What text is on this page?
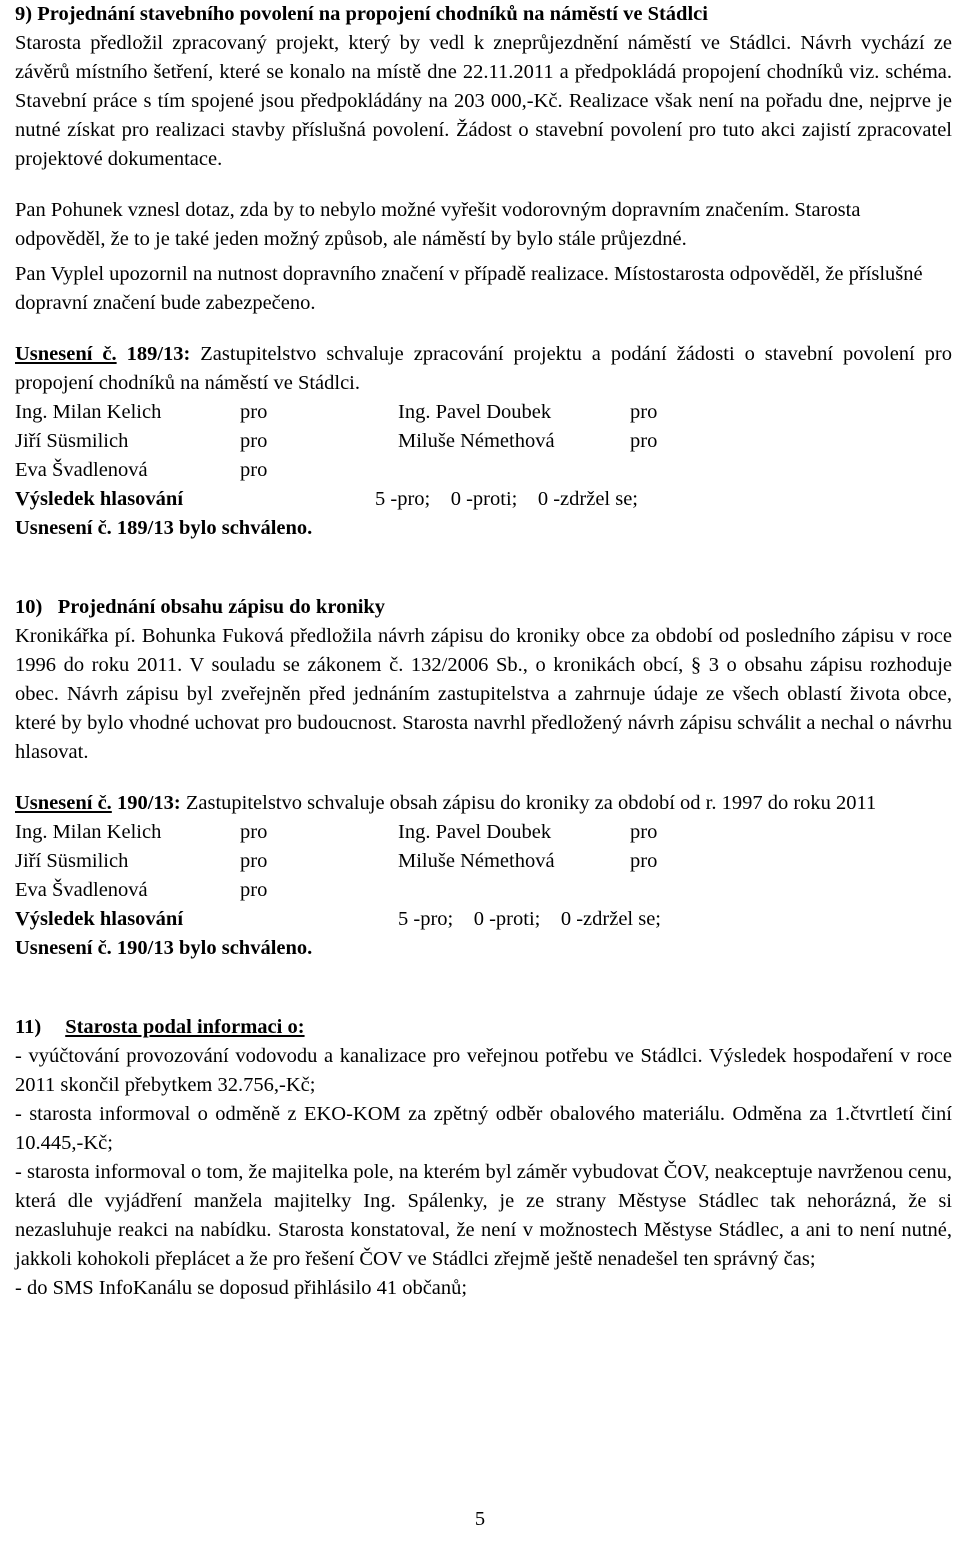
9) Projednání stavebního povolení na propojení chodníků na náměstí ve Stádlci

Starosta předložil zpracovaný projekt, který by vedl k zneprůjezdnění náměstí ve Stádlci. Návrh vychází ze závěrů místního šetření, které se konalo na místě dne 22.11.2011 a předpokládá propojení chodníků viz. schéma. Stavební práce s tím spojené jsou předpokládány na 203 000,-Kč. Realizace však není na pořadu dne, nejprve je nutné získat pro realizaci stavby příslušná povolení. Žádost o stavební povolení pro tuto akci zajistí zpracovatel projektové dokumentace.

Pan Pohunek vznesl dotaz, zda by to nebylo možné vyřešit vodorovným dopravním značením. Starosta odpověděl, že to je také jeden možný způsob, ale náměstí by bylo stále průjezdné.

Pan Vyplel upozornil na nutnost dopravního značení v případě realizace. Místostarosta odpověděl, že příslušné dopravní značení bude zabezpečeno.

Usnesení č. 189/13: Zastupitelstvo schvaluje zpracování projektu a podání žádosti o stavební povolení pro propojení chodníků na náměstí ve Stádlci.

Ing. Milan Kelich	pro	Ing. Pavel Doubek	pro
Jiří Süsmilich	pro	Miluše Némethová	pro
Eva Švadlenová	pro		
Výsledek hlasování	5 -pro;    0 -proti;    0 -zdržel se;

Usnesení č. 189/13 bylo schváleno.

10)   Projednání obsahu zápisu do kroniky

Kronikářka pí. Bohunka Fuková předložila návrh zápisu do kroniky obce za období od posledního zápisu v roce 1996 do roku 2011. V souladu se zákonem č. 132/2006 Sb., o kronikách obcí, § 3 o obsahu zápisu rozhoduje obec. Návrh zápisu byl zveřejněn před jednáním zastupitelstva a zahrnuje údaje ze všech oblastí života obce, které by bylo vhodné uchovat pro budoucnost. Starosta navrhl předložený návrh zápisu schválit a nechal o návrhu hlasovat.

Usnesení č. 190/13: Zastupitelstvo schvaluje obsah zápisu do kroniky za období od r. 1997 do roku 2011

Ing. Milan Kelich	pro	Ing. Pavel Doubek	pro
Jiří Süsmilich	pro	Miluše Némethová	pro
Eva Švadlenová	pro		
Výsledek hlasování	5 -pro;    0 -proti;    0 -zdržel se;

Usnesení č. 190/13 bylo schváleno.

11) Starosta podal informaci o:

- vyúčtování provozování vodovodu a kanalizace pro veřejnou potřebu ve Stádlci. Výsledek hospodaření v roce 2011 skončil přebytkem 32.756,-Kč;
- starosta informoval o odměně z EKO-KOM za zpětný odběr obalového materiálu. Odměna za 1.čtvrtletí činí 10.445,-Kč;
- starosta informoval o tom, že majitelka pole, na kterém byl záměr vybudovat ČOV, neakceptuje navrženou cenu, která dle vyjádření manžela majitelky Ing. Spálenky, je ze strany Městyse Stádlec tak nehorázná, že si nezasluhuje reakci na nabídku. Starosta konstatoval, že není v možnostech Městyse Stádlec, a ani to není nutné, jakkoli kohokoli přeplácet a že pro řešení ČOV ve Stádlci zřejmě ještě nenadešel ten správný čas;
- do SMS InfoKanálu se doposud přihlásilo 41 občanů;
5
